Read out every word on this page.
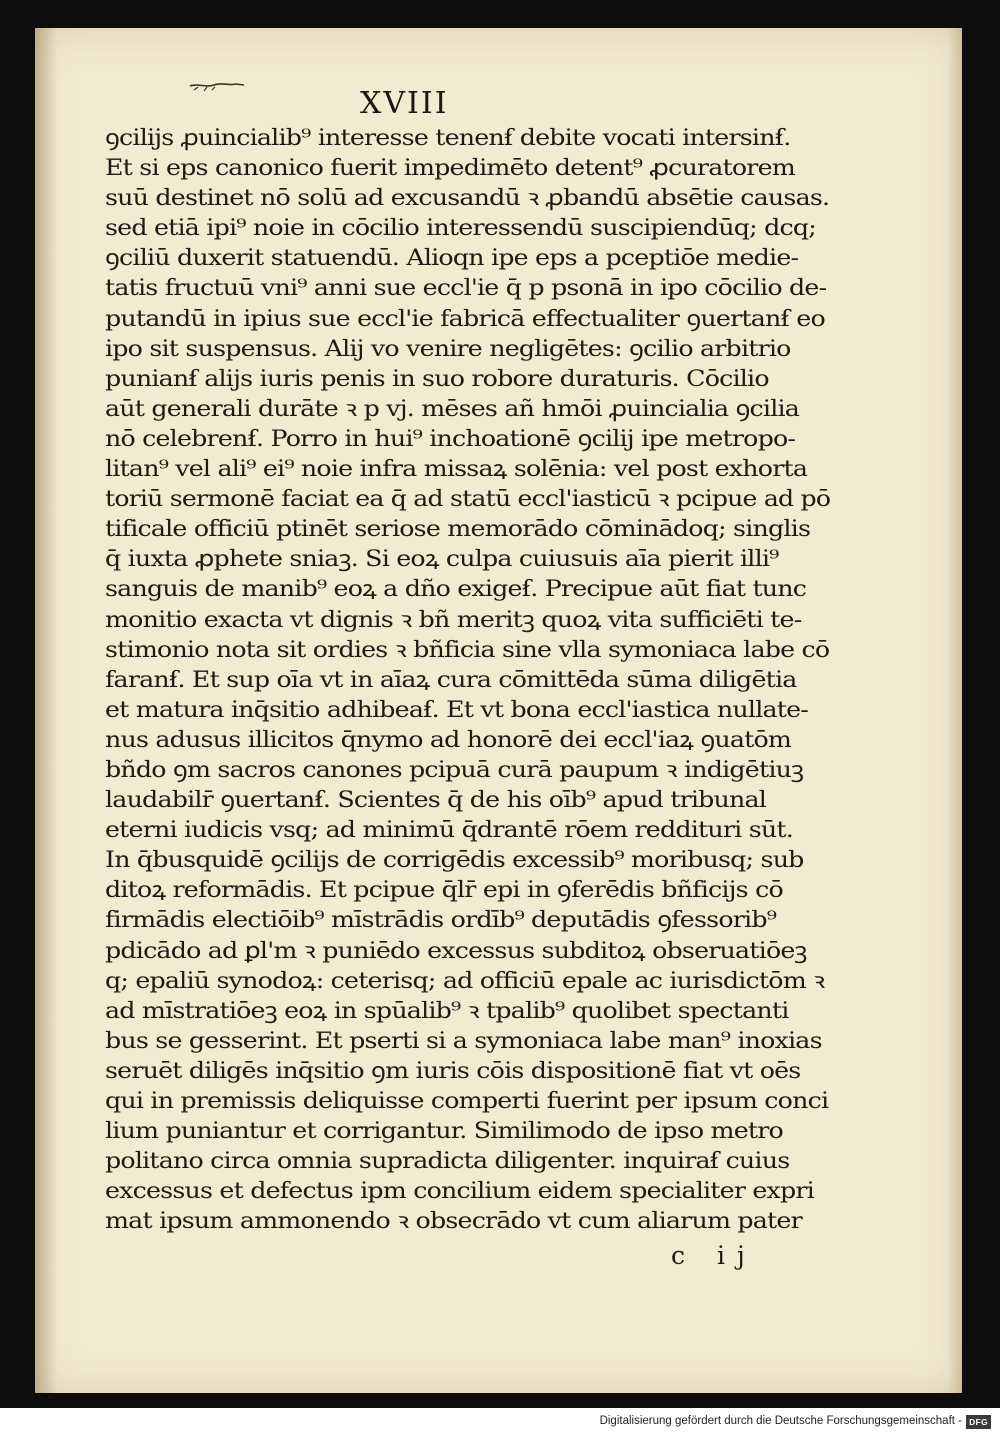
XVIII
ꝯcilijs ꝓuincialib⁹ interesse tenenẜ debite vocati intersinẜ.
Et si eps canonico fuerit impedimēto detent⁹ ꝓcuratorem
suū destinet nō solū ad excusandū ꝛ ꝓbandū absētie causas.
sed etiā ipi⁹ noie in cōcilio interessendū suscipiendūq; dcq;
ꝯciliū duxerit statuendū. Alioqn ipe eps a pceptiōe medie-
tatis fructuū vni⁹ anni sue eccl'ie q̄ p psonā in ipo cōcilio de-
putandū in ipius sue eccl'ie fabricā effectualiter ꝯuertanẜ eo
ipo sit suspensus. Alij vo venire negligētes: ꝯcilio arbitrio
punianẜ alijs iuris penis in suo robore duraturis. Cōcilio
aūt generali durāte ꝛ p vj. mēses añ hmōi ꝓuincialia ꝯcilia
nō celebrenẜ. Porro in hui⁹ inchoationē ꝯcilij ipe metropo-
litan⁹ vel ali⁹ ei⁹ noie infra missaꝝ solēnia: vel post exhorta
toriū sermonē faciat ea q̄ ad statū eccl'iasticū ꝛ pcipue ad pō
tificale officiū ptinēt seriose memorādo cōminādoq; singlis
q̄ iuxta ꝓphete sniaꝫ. Si eoꝝ culpa cuiusuis aīa pierit illi⁹
sanguis de manib⁹ eoꝝ a dño exigeẜ. Precipue aūt fiat tunc
monitio exacta vt dignis ꝛ bñ meritꝫ quoꝝ vita sufficiēti te-
stimonio nota sit ordies ꝛ bñficia sine vlla symoniaca labe cō
faranẜ. Et sup oīa vt in aīaꝝ cura cōmittēda sūma diligētia
et matura inq̄sitio adhibeaẜ. Et vt bona eccl'iastica nullate-
nus adusus illicitos q̄nymo ad honorē dei eccl'iaꝝ ꝯuatōm
bñdo ꝯm sacros canones pcipuā curā paupum ꝛ indigētiuꝫ
laudabilr̄ ꝯuertanẜ. Scientes q̄ de his oīb⁹ apud tribunal
eterni iudicis vsq; ad minimū q̄drantē rōem reddituri sūt.
In q̄busquidē ꝯcilijs de corrigēdis excessib⁹ moribusq; sub
ditoꝝ reformādis. Et pcipue q̄lr̄ epi in ꝯferēdis bñficijs cō
firmādis electiōib⁹ mīstrādis ordīb⁹ deputādis ꝯfessorib⁹
pdicādo ad ꝑl'm ꝛ puniēdo excessus subditoꝝ obseruatiōeꝫ
q; epaliū synodoꝝ: ceterisq; ad officiū epale ac iurisdictōm ꝛ
ad mīstratiōeꝫ eoꝝ in spūalib⁹ ꝛ tpalib⁹ quolibet spectanti
bus se gesserint. Et pserti si a symoniaca labe man⁹ inoxias
seruēt diligēs inq̄sitio ꝯm iuris cōis dispositionē fiat vt oēs
qui in premissis deliquisse comperti fuerint per ipsum conci
lium puniantur et corrigantur. Similimodo de ipso metro
politano circa omnia supradicta diligenter. inquiraẜ cuius
excessus et defectus ipm concilium eidem specialiter expri
mat ipsum ammonendo ꝛ obsecrādo vt cum aliarum pater
c ij
Digitalisierung gefördert durch die Deutsche Forschungsgemeinschaft - DFG
